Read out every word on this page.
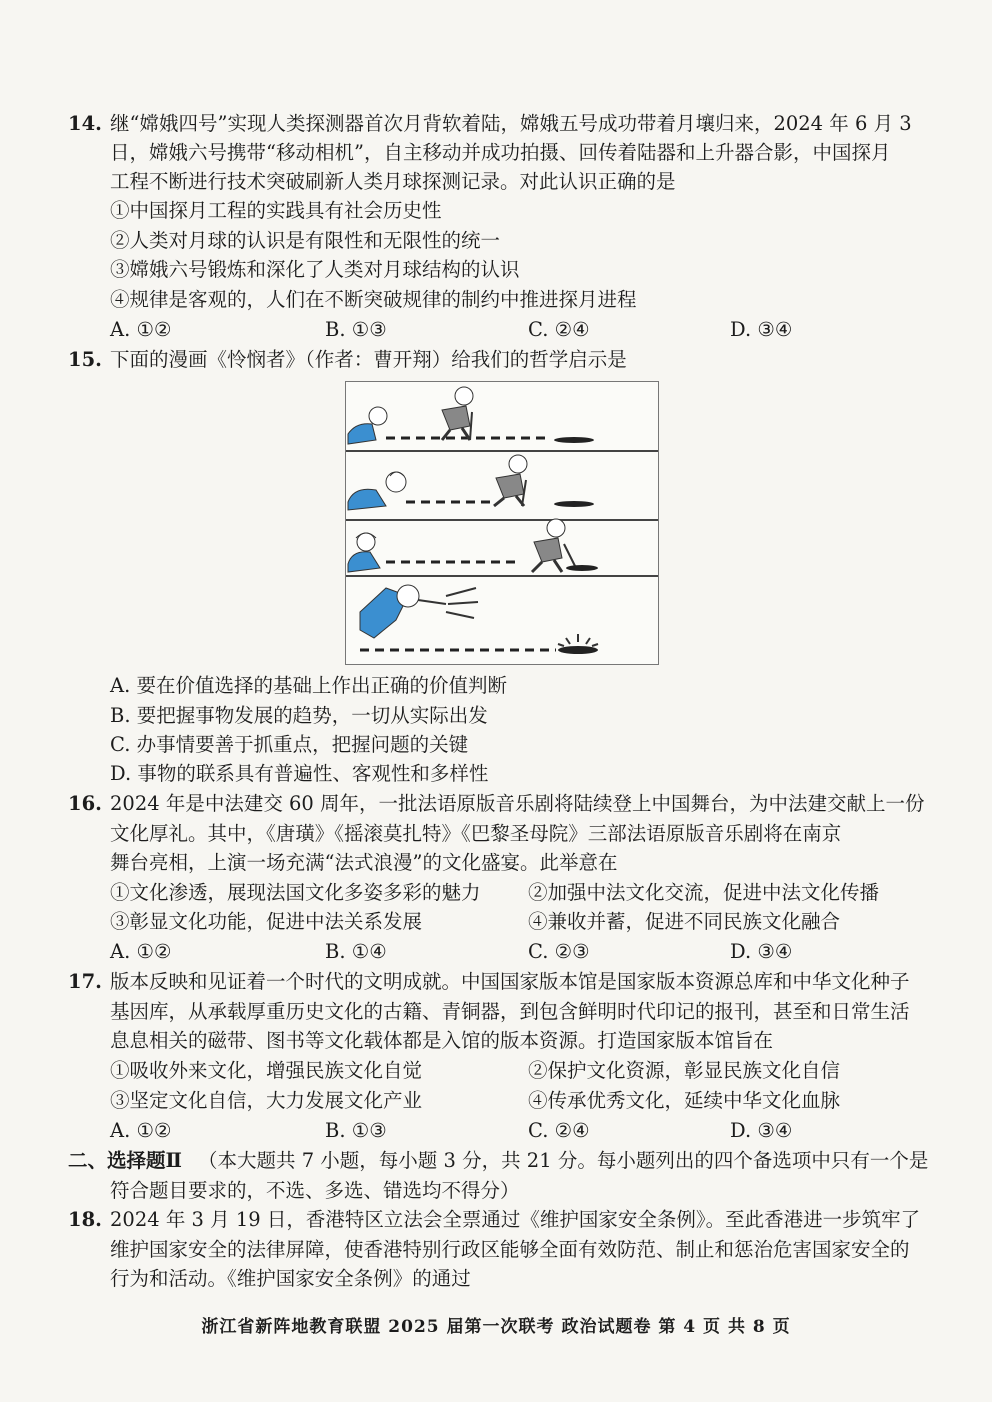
14. 继“嫦娥四号”实现人类探测器首次月背软着陆，嫦娥五号成功带着月壤归来，2024 年 6 月 3
日，嫦娥六号携带“移动相机”，自主移动并成功拍摄、回传着陆器和上升器合影，中国探月
工程不断进行技术突破刷新人类月球探测记录。对此认识正确的是
①中国探月工程的实践具有社会历史性
②人类对月球的认识是有限性和无限性的统一
③嫦娥六号锻炼和深化了人类对月球结构的认识
④规律是客观的，人们在不断突破规律的制约中推进探月进程
A. ①②	B. ①③	C. ②④	D. ③④
15. 下面的漫画《怜悯者》（作者：曹开翔）给我们的哲学启示是
A. 要在价值选择的基础上作出正确的价值判断
B. 要把握事物发展的趋势，一切从实际出发
C. 办事情要善于抓重点，把握问题的关键
D. 事物的联系具有普遍性、客观性和多样性
16. 2024 年是中法建交 60 周年，一批法语原版音乐剧将陆续登上中国舞台，为中法建交献上一份
文化厚礼。其中，《唐璜》《摇滚莫扎特》《巴黎圣母院》三部法语原版音乐剧将在南京
舞台亮相，上演一场充满“法式浪漫”的文化盛宴。此举意在
①文化渗透，展现法国文化多姿多彩的魅力 ②加强中法文化交流，促进中法文化传播
③彰显文化功能，促进中法关系发展	④兼收并蓄，促进不同民族文化融合
A. ①②	B. ①④	C. ②③	D. ③④
17. 版本反映和见证着一个时代的文明成就。中国国家版本馆是国家版本资源总库和中华文化种子
基因库，从承载厚重历史文化的古籍、青铜器，到包含鲜明时代印记的报刊，甚至和日常生活
息息相关的磁带、图书等文化载体都是入馆的版本资源。打造国家版本馆旨在
①吸收外来文化，增强民族文化自觉	②保护文化资源，彰显民族文化自信
③坚定文化自信，大力发展文化产业	④传承优秀文化，延续中华文化血脉
A. ①②	B. ①③	C. ②④	D. ③④
二、选择题Ⅱ （本大题共 7 小题，每小题 3 分，共 21 分。每小题列出的四个备选项中只有一个是
符合题目要求的，不选、多选、错选均不得分）
18. 2024 年 3 月 19 日，香港特区立法会全票通过《维护国家安全条例》。至此香港进一步筑牢了
维护国家安全的法律屏障，使香港特别行政区能够全面有效防范、制止和惩治危害国家安全的
行为和活动。《维护国家安全条例》的通过
浙江省新阵地教育联盟 2025 届第一次联考 政治试题卷 第 4 页 共 8 页
